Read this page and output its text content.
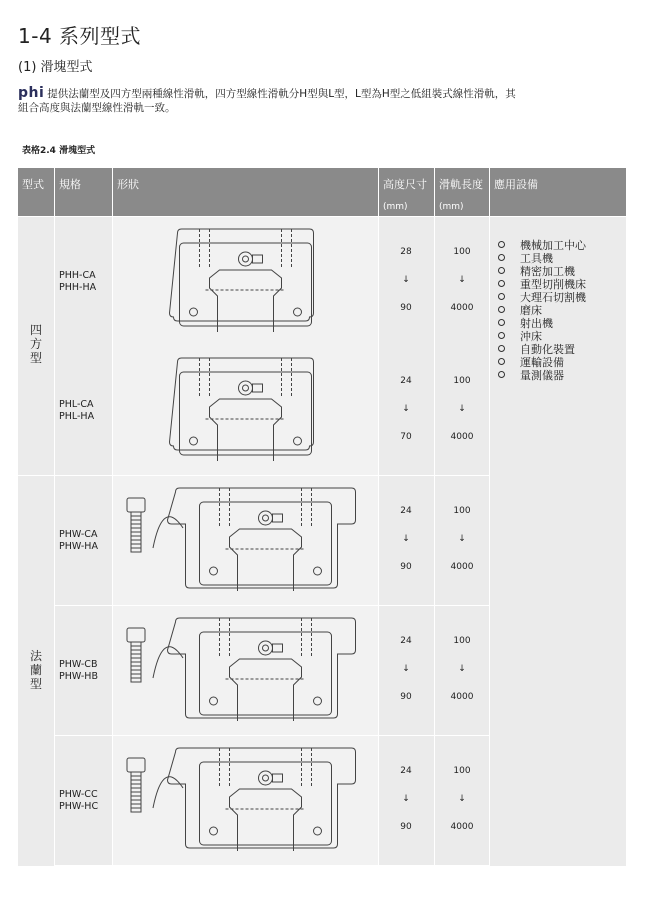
1-4 系列型式
(1) 滑塊型式
phi 提供法蘭型及四方型兩種線性滑軌，四方型線性滑軌分H型與L型，L型為H型之低組裝式線性滑軌，其
組合高度與法蘭型線性滑軌一致。
表格2.4 滑塊型式
型式 規格	形狀	高度尺寸
(mm)
滑軌長度
(mm)
應用設備
四方型
法蘭型
機械加工中心
工具機
精密加工機
重型切削機床
大理石切割機
磨床
射出機
沖床
自動化裝置
運輸設備
量測儀器
PHH-CA
PHH-HA
28
↓
90
100
↓
4000
PHL-CA
PHL-HA
24
↓
70
100
↓
4000
PHW-CA
PHW-HA
24
↓
90
100
↓
4000
PHW-CB
PHW-HB
24
↓
90
100
↓
4000
PHW-CC
PHW-HC
24
↓
90
100
↓
4000
